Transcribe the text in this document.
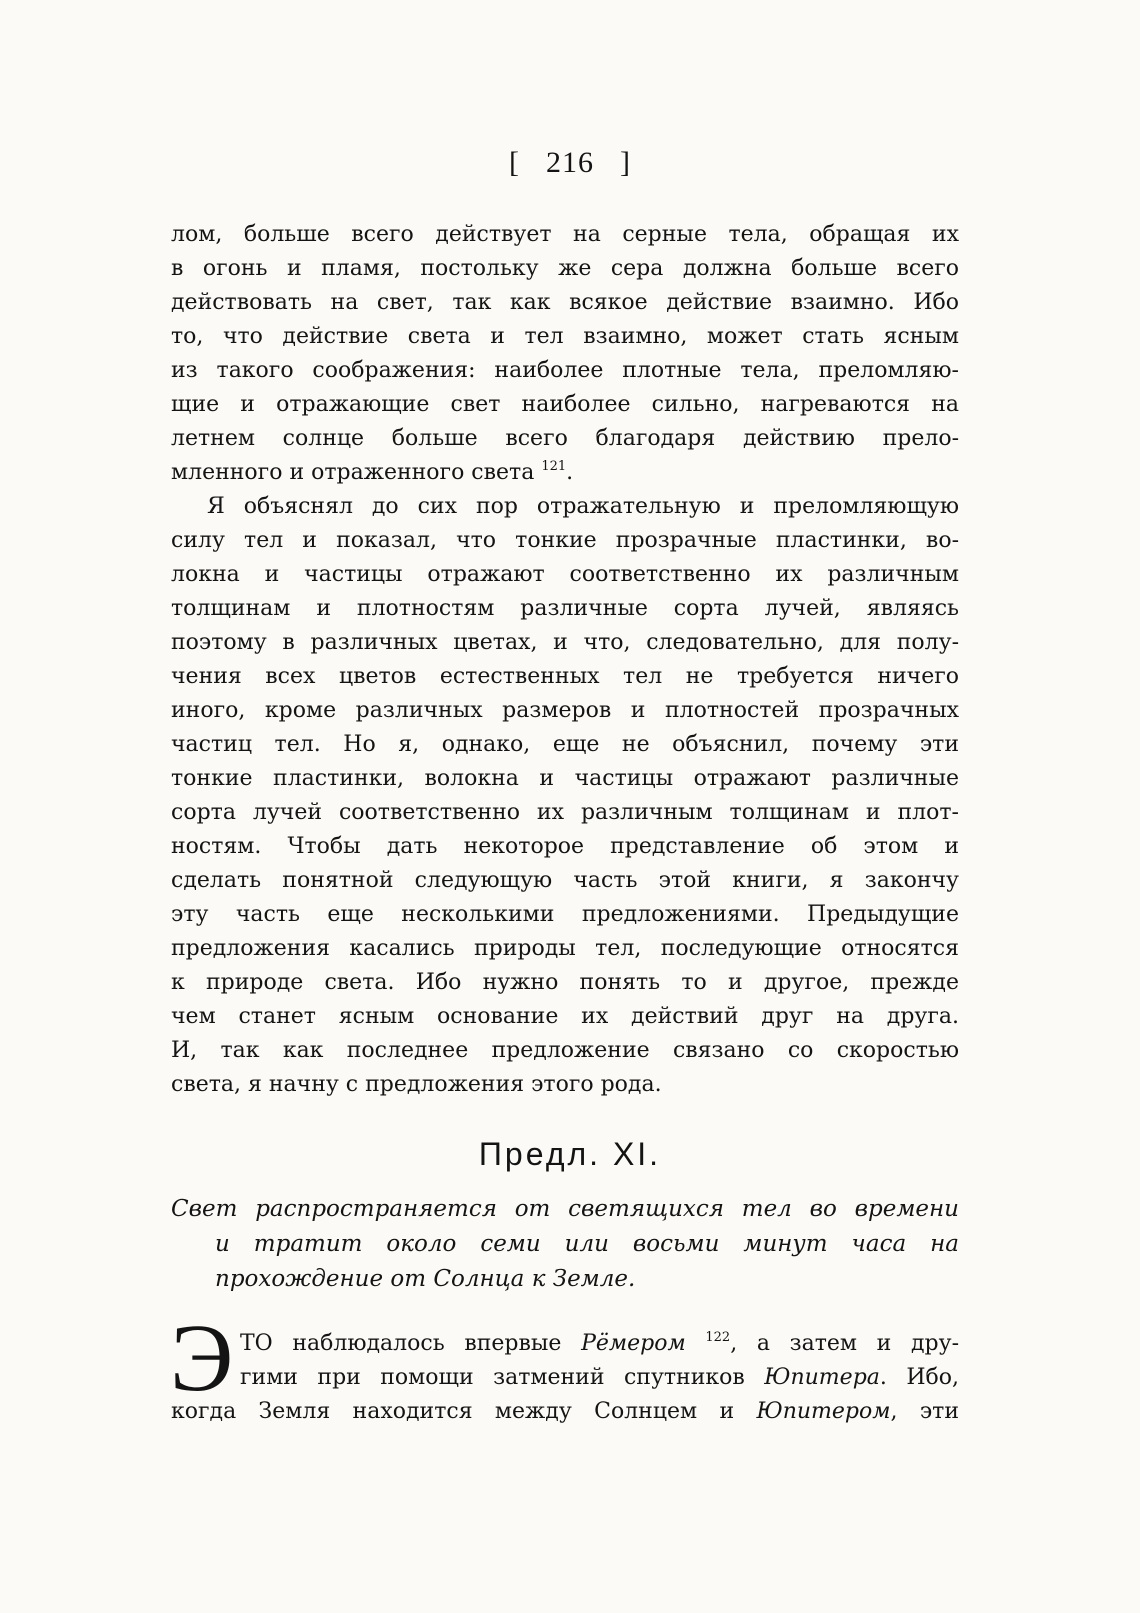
[ 216 ]
лом, больше всего действует на серные тела, обращая их
в огонь и пламя, постольку же сера должна больше всего
действовать на свет, так как всякое действие взаимно. Ибо
то, что действие света и тел взаимно, может стать ясным
из такого соображения: наиболее плотные тела, преломляю-
щие и отражающие свет наиболее сильно, нагреваются на
летнем солнце больше всего благодаря действию прело-
мленного и отраженного света $^{121}$.
Я объяснял до сих пор отражательную и преломляющую
силу тел и показал, что тонкие прозрачные пластинки, во-
локна и частицы отражают соответственно их различным
толщинам и плотностям различные сорта лучей, являясь
поэтому в различных цветах, и что, следовательно, для полу-
чения всех цветов естественных тел не требуется ничего
иного, кроме различных размеров и плотностей прозрачных
частиц тел. Но я, однако, еще не объяснил, почему эти
тонкие пластинки, волокна и частицы отражают различные
сорта лучей соответственно их различным толщинам и плот-
ностям. Чтобы дать некоторое представление об этом и
сделать понятной следующую часть этой книги, я закончу
эту часть еще несколькими предложениями. Предыдущие
предложения касались природы тел, последующие относятся
к природе света. Ибо нужно понять то и другое, прежде
чем станет ясным основание их действий друг на друга.
И, так как последнее предложение связано со скоростью
света, я начну с предложения этого рода.
Предл. XI.
Свет распространяется от светящихся тел во времени
и тратит около семи или восьми минут часа на
прохождение от Солнца к Земле.
Э ТО наблюдалось впервые Рёмером $^{122}$, а затем и дру-
гими при помощи затмений спутников Юпитера. Ибо,
когда Земля находится между Солнцем и Юпитером, эти
